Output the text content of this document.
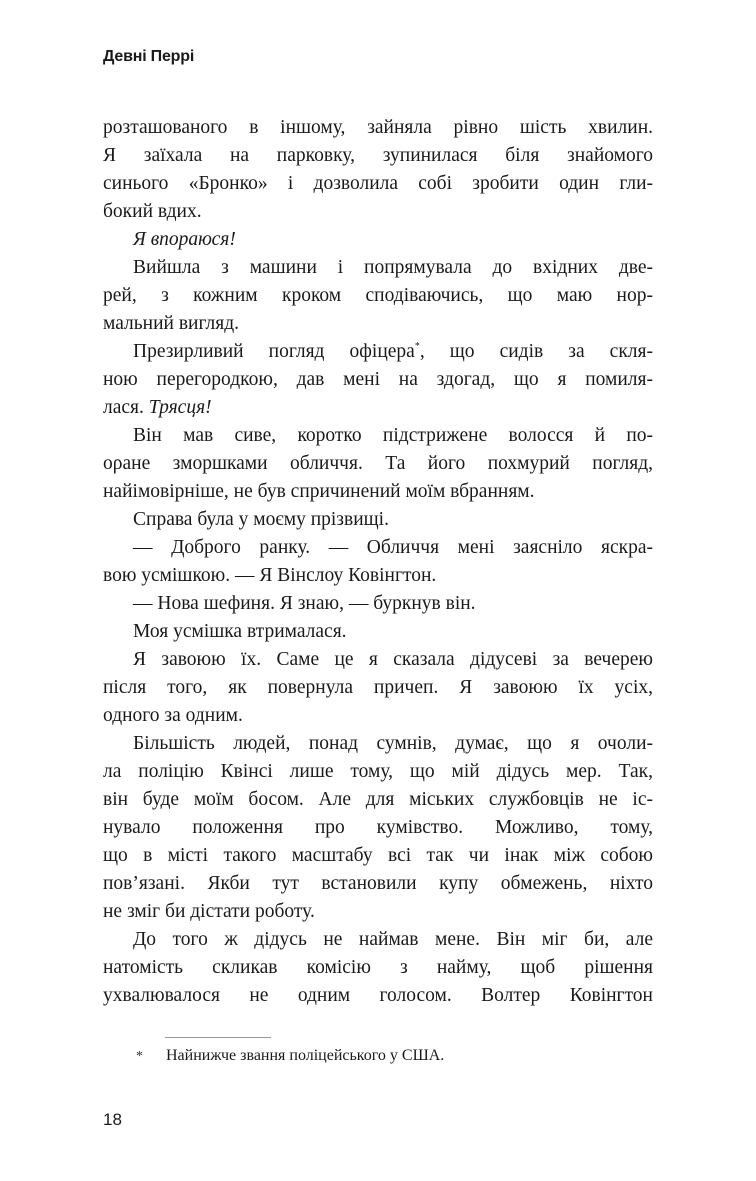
Девні Перрі
розташованого в іншому, зайняла рівно шість хвилин.
Я заїхала на парковку, зупинилася біля знайомого
синього «Бронко» і дозволила собі зробити один гли-
бокий вдих.
Я впораюся!
Вийшла з машини і попрямувала до вхідних две-
рей, з кожним кроком сподіваючись, що маю нор-
мальний вигляд.
Презирливий погляд офіцера*, що сидів за скля-
ною перегородкою, дав мені на здогад, що я помиля-
лася. Трясця!
Він мав сиве, коротко підстрижене волосся й по-
ορане зморшками обличчя. Та його похмурий погляд,
найімовірніше, не був спричинений моїм вбранням.
Справа була у моєму прізвищі.
— Доброго ранку. — Обличчя мені заясніло яскра-
вою усмішкою. — Я Вінслоу Ковінгтон.
— Нова шефиня. Я знаю, — буркнув він.
Моя усмішка втрималася.
Я завоюю їх. Саме це я сказала дідусеві за вечерею
після того, як повернула причеп. Я завоюю їх усіх,
одного за одним.
Більшість людей, понад сумнів, думає, що я очоли-
ла поліцію Квінсі лише тому, що мій дідусь мер. Так,
він буде моїм босом. Але для міських службовців не іс-
нувало положення про кумівство. Можливо, тому,
що в місті такого масштабу всі так чи інак між собою
пов’язані. Якби тут встановили купу обмежень, ніхто
не зміг би дістати роботу.
До того ж дідусь не наймав мене. Він міг би, але
натомість скликав комісію з найму, щоб рішення
ухвалювалося не одним голосом. Волтер Ковінгтон
* Найнижче звання поліцейського у США.
18
